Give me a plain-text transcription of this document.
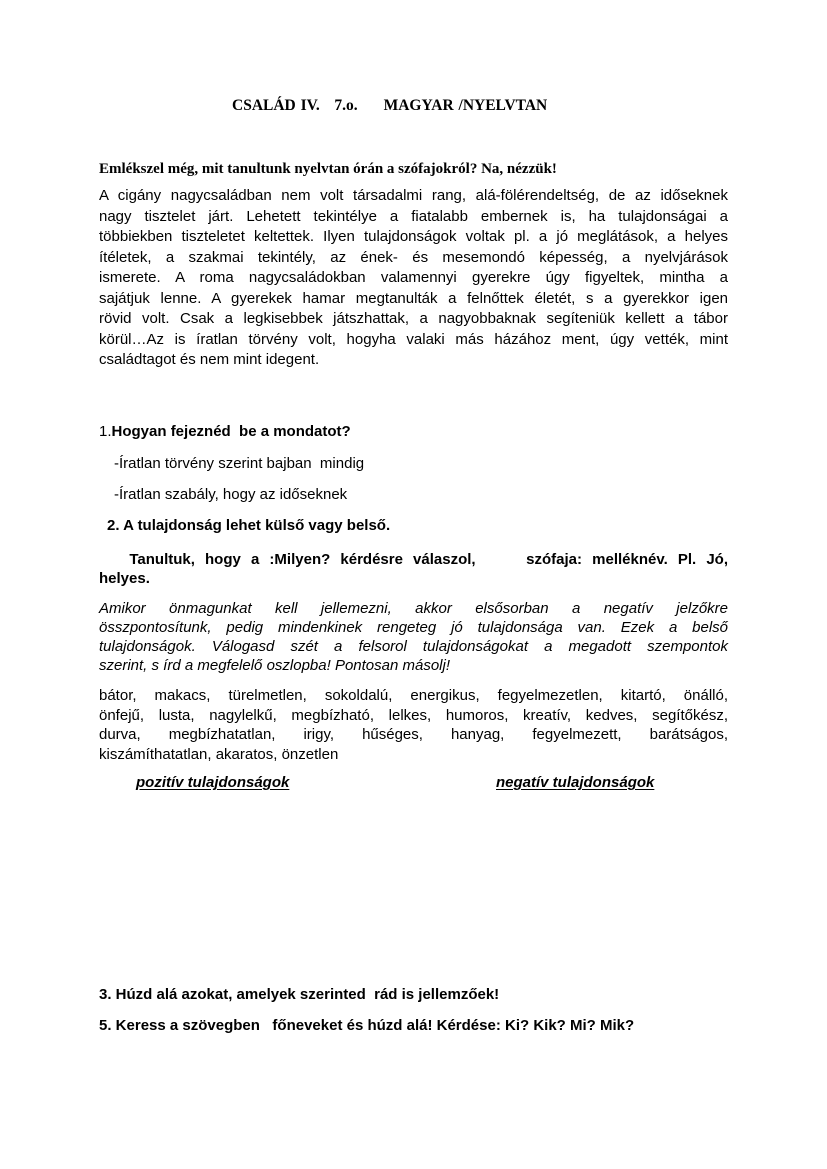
CSALÁD IV.   7.o. MAGYAR /NYELVTAN
Emlékszel még, mit tanultunk nyelvtan órán a szófajokról? Na, nézzük!
A cigány nagycsaládban nem volt társadalmi rang, alá-fölérendeltség, de az időseknek
nagy tisztelet járt. Lehetett tekintélye a fiatalabb embernek is, ha tulajdonságai a
többiekben tiszteletet keltettek. Ilyen tulajdonságok voltak pl. a jó meglátások, a helyes
ítéletek, a szakmai tekintély, az ének- és mesemondó képesség, a nyelvjárások
ismerete. A roma nagycsaládokban valamennyi gyerekre úgy figyeltek, mintha a
sajátjuk lenne. A gyerekek hamar megtanulták a felnőttek életét, s a gyerekkor igen
rövid volt. Csak a legkisebbek játszhattak, a nagyobbaknak segíteniük kellett a tábor
körül…Az is íratlan törvény volt, hogyha valaki más házához ment, úgy vették, mint
családtagot és nem mint idegent.
1.Hogyan fejeznéd  be a mondatot?
-Íratlan törvény szerint bajban  mindig
-Íratlan szabály, hogy az időseknek
2. A tulajdonság lehet külső vagy belső.
Tanultuk, hogy a :Milyen? kérdésre válaszol,     szófaja: melléknév. Pl. Jó,
helyes.
Amikor önmagunkat kell jellemezni, akkor elsősorban a negatív jelzőkre
összpontosítunk, pedig mindenkinek rengeteg jó tulajdonsága van. Ezek a belső
tulajdonságok. Válogasd szét a felsorol tulajdonságokat a megadott szempontok
szerint, s írd a megfelelő oszlopba! Pontosan másolj!
bátor, makacs, türelmetlen, sokoldalú, energikus, fegyelmezetlen, kitartó, önálló,
önfejű, lusta, nagylelkű, megbízható, lelkes, humoros, kreatív, kedves, segítőkész,
durva, megbízhatatlan, irigy, hűséges, hanyag, fegyelmezett, barátságos,
kiszámíthatatlan, akaratos, önzetlen
pozitív tulajdonságok	negatív tulajdonságok
3. Húzd alá azokat, amelyek szerinted  rád is jellemzőek!
5. Keress a szövegben   főneveket és húzd alá! Kérdése: Ki? Kik? Mi? Mik?
